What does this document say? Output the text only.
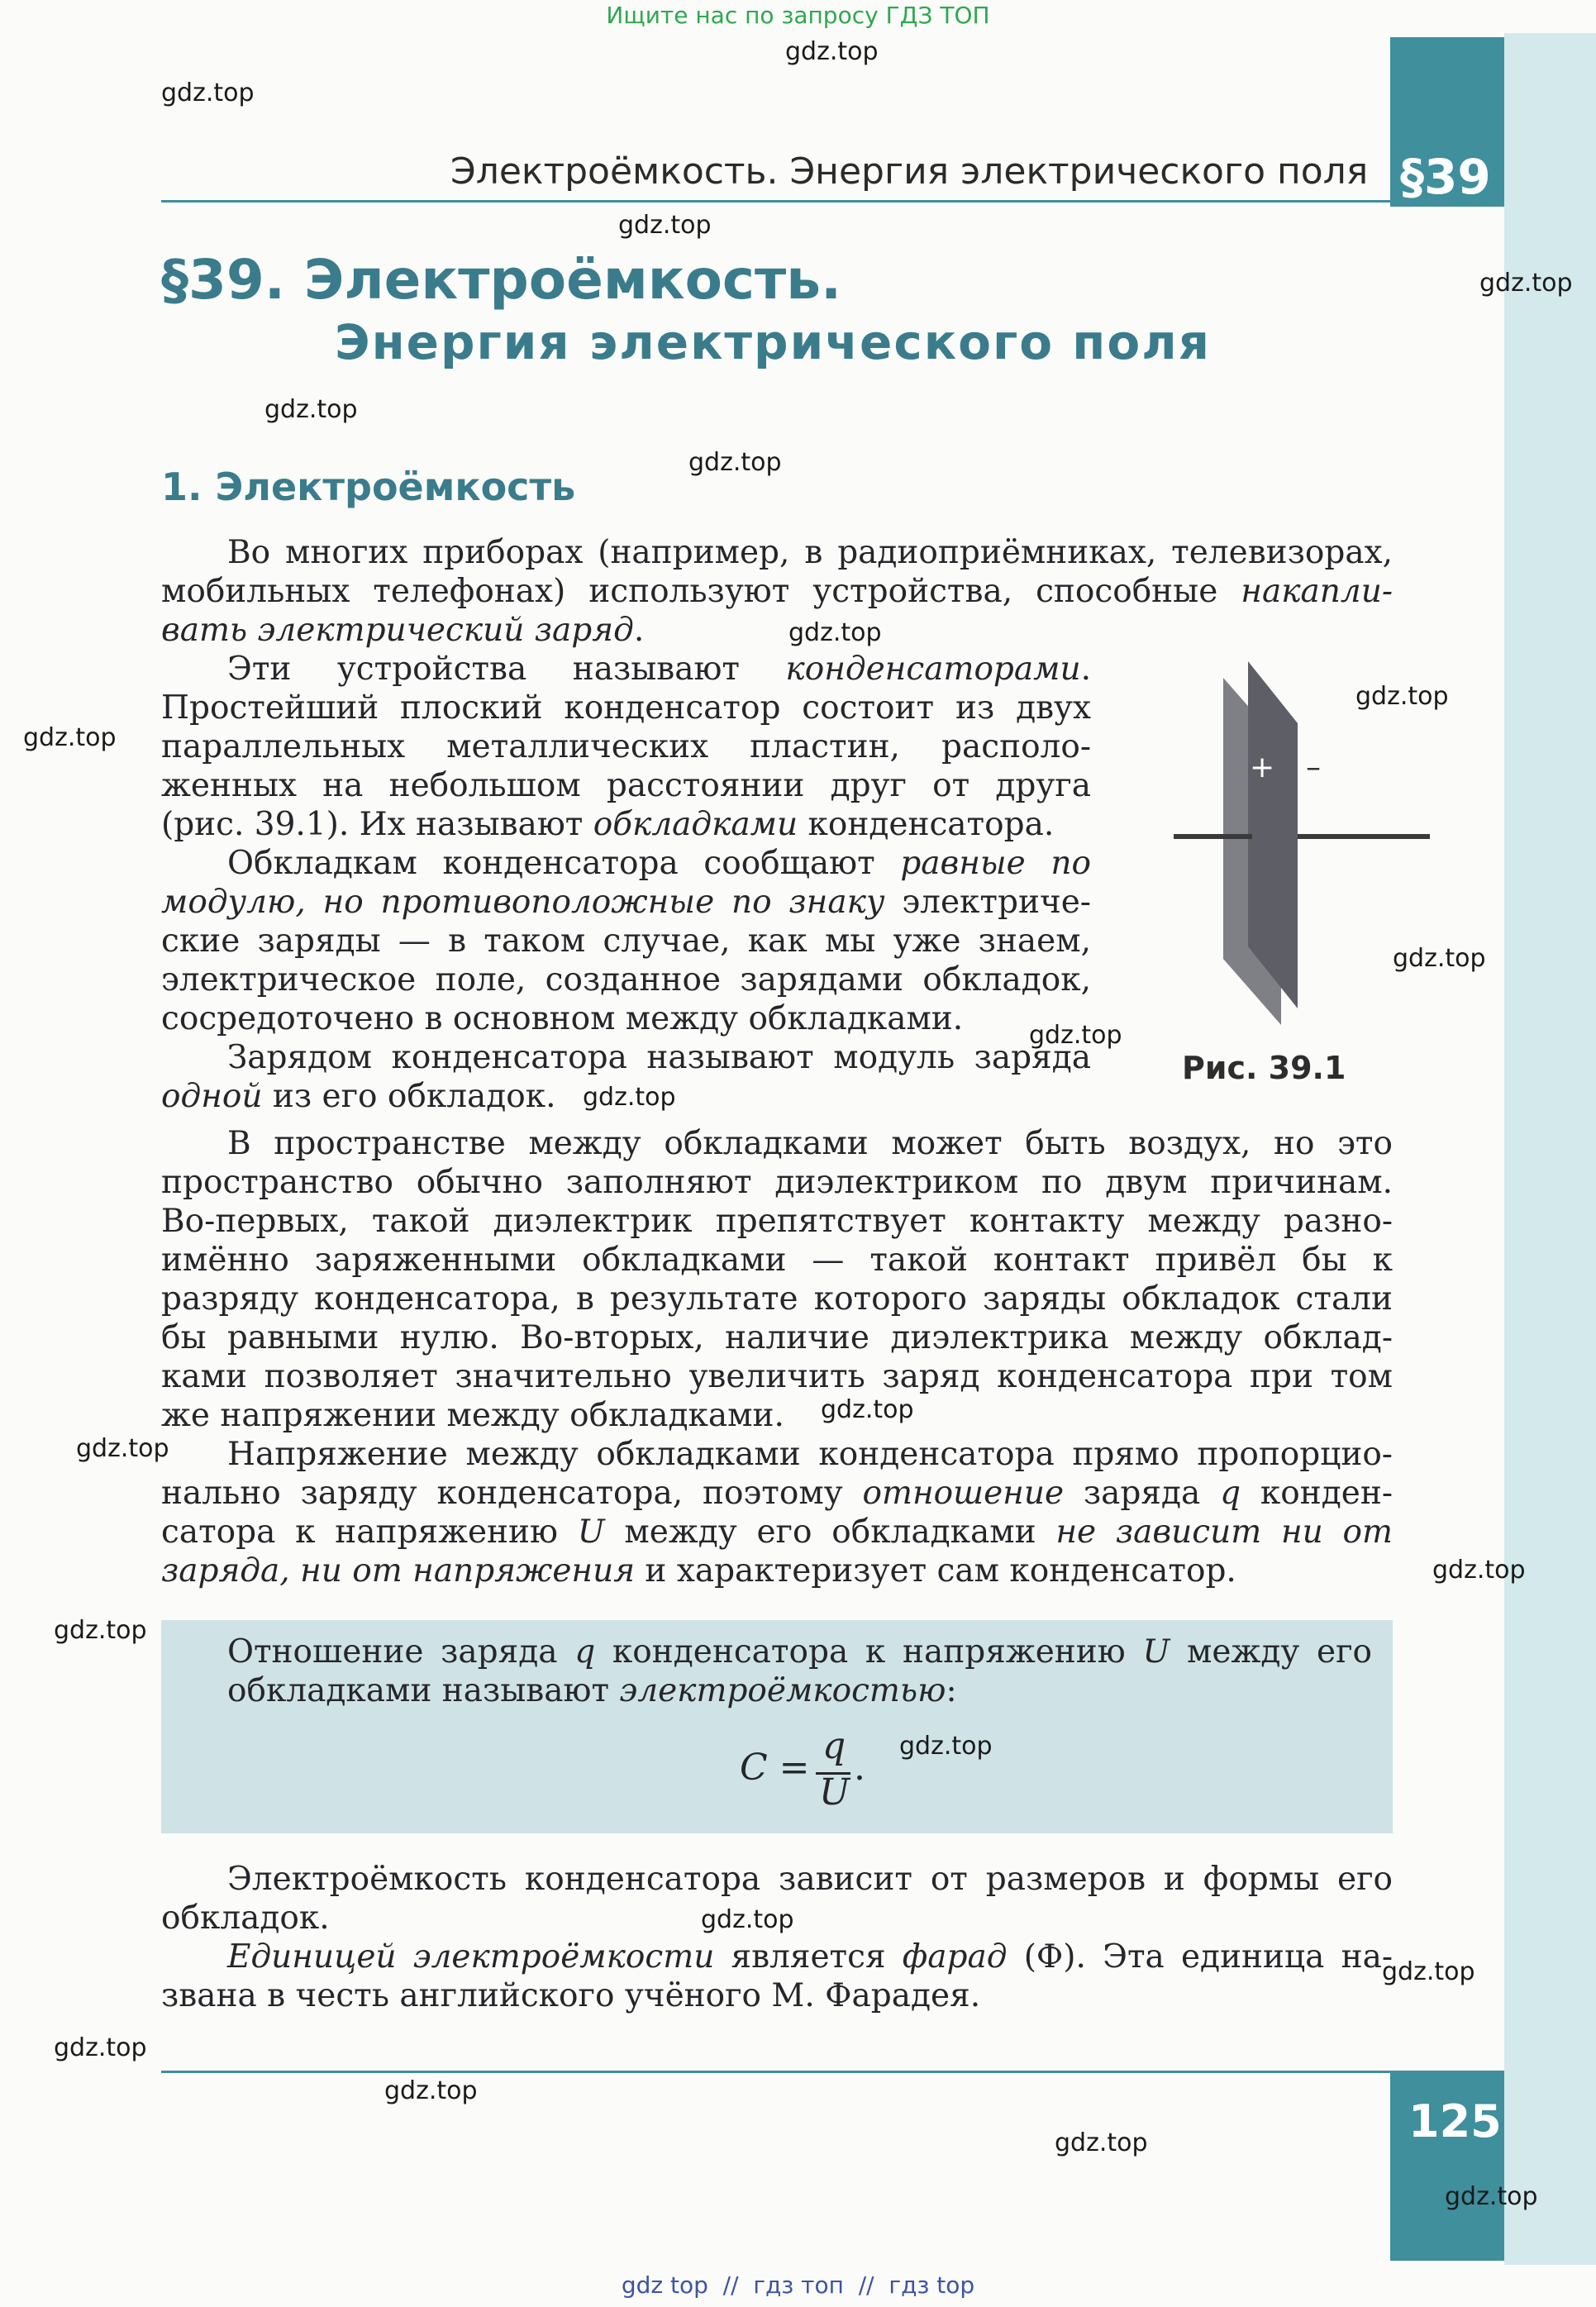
§39
125
Ищите нас по запросу ГДЗ ТОП
Электроёмкость. Энергия электрического поля
§39. Электроёмкость.
Энергия электрического поля
1. Электроёмкость
Во многих приборах (например, в радиоприёмниках, телевизорах,
мобильных телефонах) используют устройства, способные накапли-
вать электрический заряд.
Эти устройства называют конденсаторами.
Простейший плоский конденсатор состоит из двух
параллельных металлических пластин, располо-
женных на небольшом расстоянии друг от друга
(рис. 39.1). Их называют обкладками конденсатора.
Обкладкам конденсатора сообщают равные по
модулю, но противоположные по знаку электриче-
ские заряды — в таком случае, как мы уже знаем,
электрическое поле, созданное зарядами обкладок,
сосредоточено в основном между обкладками.
Зарядом конденсатора называют модуль заряда
одной из его обкладок.
+ –
Рис. 39.1
В пространстве между обкладками может быть воздух, но это
пространство обычно заполняют диэлектриком по двум причинам.
Во-первых, такой диэлектрик препятствует контакту между разно-
имённо заряженными обкладками — такой контакт привёл бы к
разряду конденсатора, в результате которого заряды обкладок стали
бы равными нулю. Во-вторых, наличие диэлектрика между обклад-
ками позволяет значительно увеличить заряд конденсатора при том
же напряжении между обкладками.
Напряжение между обкладками конденсатора прямо пропорцио-
нально заряду конденсатора, поэтому отношение заряда q конден-
сатора к напряжению U между его обкладками не зависит ни от
заряда, ни от напряжения и характеризует сам конденсатор.
Отношение заряда q конденсатора к напряжению U между его
обкладками называют электроёмкостью:
C =
q
U
.
Электроёмкость конденсатора зависит от размеров и формы его
обкладок.
Единицей электроёмкости является фарад (Ф). Эта единица на-
звана в честь английского учёного М. Фарадея.
gdz.top
gdz.top
gdz.top
gdz.top
gdz.top
gdz.top
gdz.top
gdz.top
gdz.top
gdz.top
gdz.top
gdz.top
gdz.top
gdz.top
gdz.top
gdz.top
gdz.top
gdz.top
gdz.top
gdz.top
gdz.top
gdz.top
gdz.top
gdz top  //  гдз топ  //  гдз top
